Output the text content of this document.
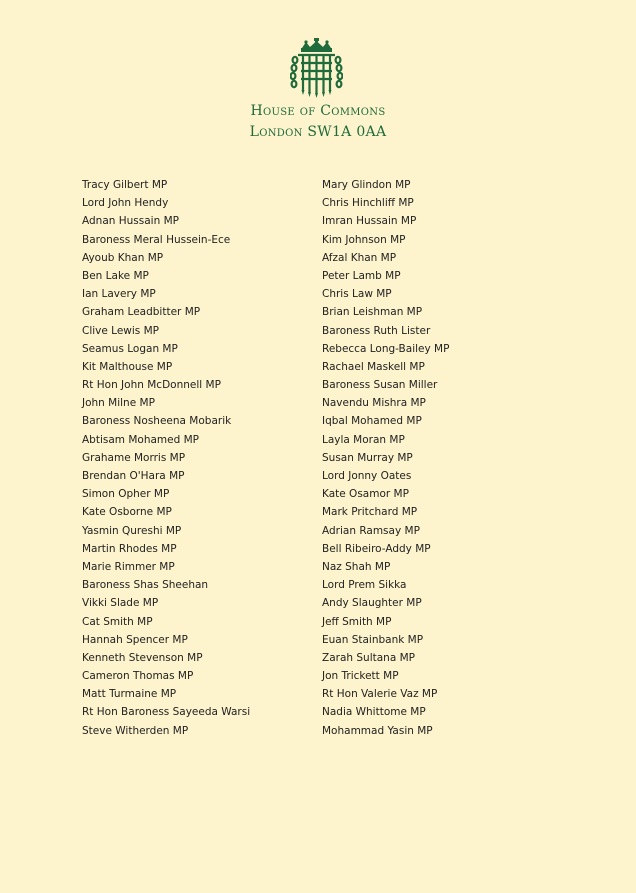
House of Commons
London SW1A 0AA
Tracy Gilbert MP
Lord John Hendy
Adnan Hussain MP
Baroness Meral Hussein-Ece
Ayoub Khan MP
Ben Lake MP
Ian Lavery MP
Graham Leadbitter MP
Clive Lewis MP
Seamus Logan MP
Kit Malthouse MP
Rt Hon John McDonnell MP
John Milne MP
Baroness Nosheena Mobarik
Abtisam Mohamed MP
Grahame Morris MP
Brendan O'Hara MP
Simon Opher MP
Kate Osborne MP
Yasmin Qureshi MP
Martin Rhodes MP
Marie Rimmer MP
Baroness Shas Sheehan
Vikki Slade MP
Cat Smith MP
Hannah Spencer MP
Kenneth Stevenson MP
Cameron Thomas MP
Matt Turmaine MP
Rt Hon Baroness Sayeeda Warsi
Steve Witherden MP
Mary Glindon MP
Chris Hinchliff MP
Imran Hussain MP
Kim Johnson MP
Afzal Khan MP
Peter Lamb MP
Chris Law MP
Brian Leishman MP
Baroness Ruth Lister
Rebecca Long-Bailey MP
Rachael Maskell MP
Baroness Susan Miller
Navendu Mishra MP
Iqbal Mohamed MP
Layla Moran MP
Susan Murray MP
Lord Jonny Oates
Kate Osamor MP
Mark Pritchard MP
Adrian Ramsay MP
Bell Ribeiro-Addy MP
Naz Shah MP
Lord Prem Sikka
Andy Slaughter MP
Jeff Smith MP
Euan Stainbank MP
Zarah Sultana MP
Jon Trickett MP
Rt Hon Valerie Vaz MP
Nadia Whittome MP
Mohammad Yasin MP
